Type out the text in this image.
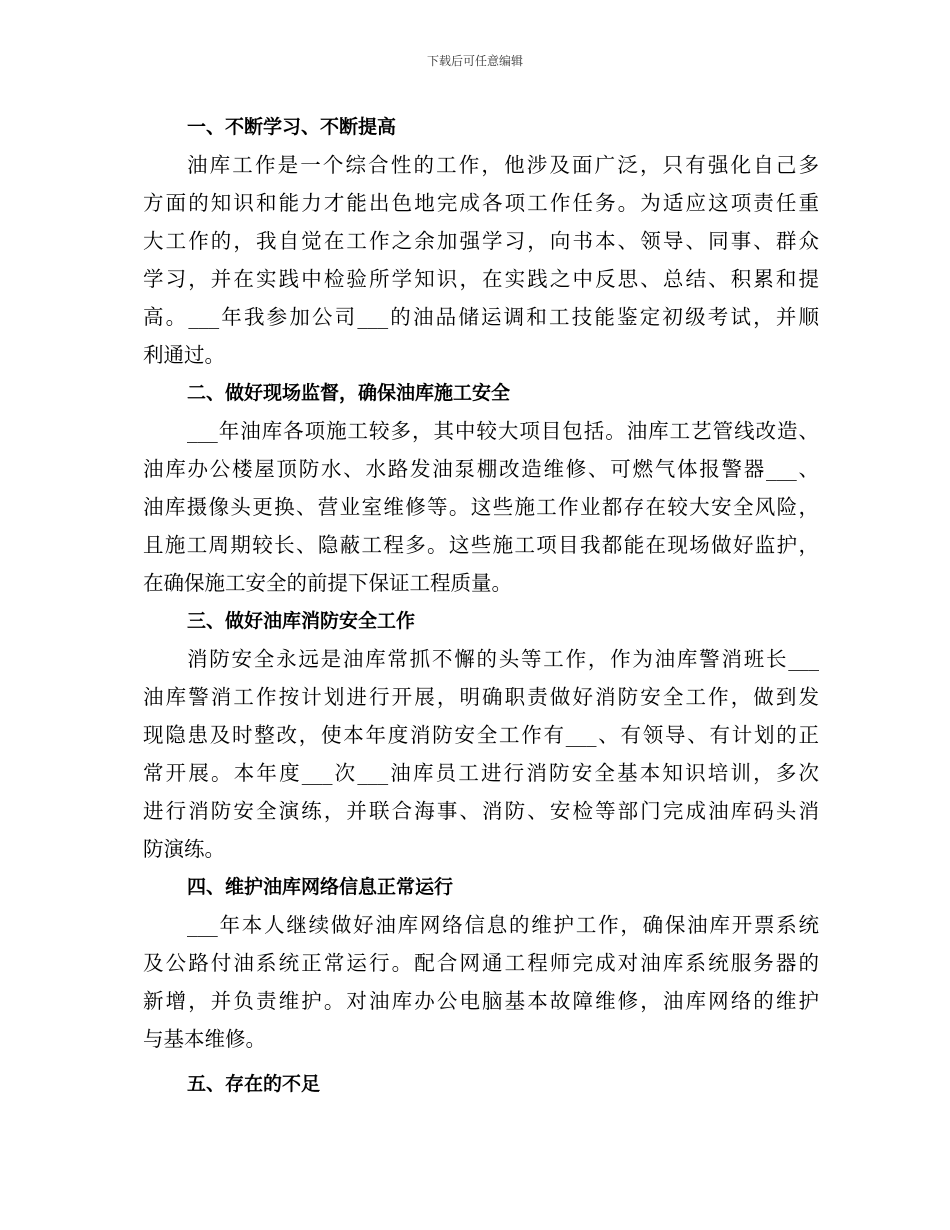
下载后可任意编辑
一、不断学习、不断提高
油库工作是一个综合性的工作，他涉及面广泛，只有强化自己多
方面的知识和能力才能出色地完成各项工作任务。为适应这项责任重
大工作的，我自觉在工作之余加强学习，向书本、领导、同事、群众
学习，并在实践中检验所学知识，在实践之中反思、总结、积累和提
高。___年我参加公司___的油品储运调和工技能鉴定初级考试，并顺
利通过。
二、做好现场监督，确保油库施工安全
___年油库各项施工较多，其中较大项目包括。油库工艺管线改造、
油库办公楼屋顶防水、水路发油泵棚改造维修、可燃气体报警器___、
油库摄像头更换、营业室维修等。这些施工作业都存在较大安全风险，
且施工周期较长、隐蔽工程多。这些施工项目我都能在现场做好监护，
在确保施工安全的前提下保证工程质量。
三、做好油库消防安全工作
消防安全永远是油库常抓不懈的头等工作，作为油库警消班长___
油库警消工作按计划进行开展，明确职责做好消防安全工作，做到发
现隐患及时整改，使本年度消防安全工作有___、有领导、有计划的正
常开展。本年度___次___油库员工进行消防安全基本知识培训，多次
进行消防安全演练，并联合海事、消防、安检等部门完成油库码头消
防演练。
四、维护油库网络信息正常运行
___年本人继续做好油库网络信息的维护工作，确保油库开票系统
及公路付油系统正常运行。配合网通工程师完成对油库系统服务器的
新增，并负责维护。对油库办公电脑基本故障维修，油库网络的维护
与基本维修。
五、存在的不足
